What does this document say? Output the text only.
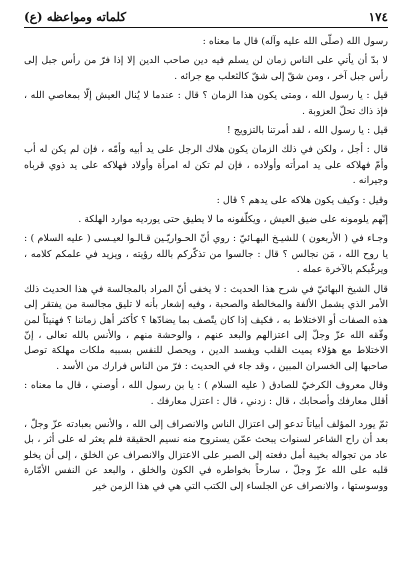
١٧٤
كلماته ومواعظه (ع)

رسول الله (صلّى الله عليه وآله) قال ما معناه :

لا بدّ أن يأتي على الناس زمان لن يسلم فيه دين صاحب الدين إلا إذا فرّ من رأس جبل إلى رأس جبل آخر ، ومن شقّ إلى شقّ كالثعلب مع جرائه .

قيل : يا رسول الله ، ومتى يكون هذا الزمان ؟ قال : عندما لا يُنال العيش إلّا بمعاصي الله ، فإذ ذاك تحلّ العزوبة .

قيل : يا رسول الله ، لقد أمرتنا بالتزويج !

قال : أجل ، ولكن في ذلك الزمان يكون هلاك الرجل على يد أبيه وأمّه ، فإن لم يكن له أب وأمّ فهلاكه على يد امرأته وأولاده ، فإن لم تكن له امرأة وأولاد فهلاكه على يد ذوي قرباه وجيرانه .

وقيل : وكيف يكون هلاكه على يدهم ؟ قال :

إنّهم يلومونه على ضيق العيش ، ويكلّفونه ما لا يطيق حتى يورديه موارد الهلكة .

وجـاء في ( الأربعون ) للشيـخ البهـائيّ : روي أنّ الحـواريّـين قـالـوا لعيـسى ( عليه السلام ) : يا روح الله ، مَن نجالس ؟ قال : جالسوا من تذكّركم بالله رؤيته ، ويزيد في علمكم كلامه ، ويرغّبكم بالآخرة عمله .

قال الشيخ البهائيّ في شرح هذا الحديث : لا يخفى أنّ المراد بالمجالسة في هذا الحديث ذلك الأمر الذي يشمل الألفة والمخالطة والصحبة ، وفيه إشعار بأنه لا تليق مجالسة من يفتقر إلى هذه الصفات أو الاختلاط به ، فكيف إذا كان يتّصف بما يضادّها ؟ كأكثر أهل زماننا ؟ فهنيئاً لمن وفّقه الله عزّ وجلّ إلى اعتزالهم والبعد عنهم ، والوحشة منهم ، والأنس بالله تعالى ، إنّ الاختلاط مع هؤلاء يميت القلب ويفسد الدين ، ويحصل للنفس بسببه ملكات مهلكة توصل صاحبها إلى الخسران المبين ، وقد جاء في الحديث : فرّ من الناس فرارك من الأسد .

وقال معروف الكرخيّ للصادق ( عليه السلام ) : يا بن رسول الله ، أوصني ، قال ما معناه : أقلل معارفك وأصحابك ، قال : زدني ، قال : اعتزل معارفك .

ثمّ يورد المؤلف أبياتاً تدعو إلى اعتزال الناس والانصراف إلى الله ، والأنس بعبادته عزّ وجلّ ، بعد أن راح الشاعر لسنوات يبحث عمّن يستروح منه نسيم الحقيقة فلم يعثر له على أثر ، بل عاد من تجواله بخيبة أمل دفعته إلى الصبر على الاعتزال والانصراف عن الخلق ، إلى أن يخلو قلبه على الله عزّ وجلّ ، سارحاً بخواطره في الكون والخلق ، والبعد عن النفس الأمّارة ووسوستها ، والانصراف عن الجلساء إلى الكتب التي هي في هذا الزمن خير
